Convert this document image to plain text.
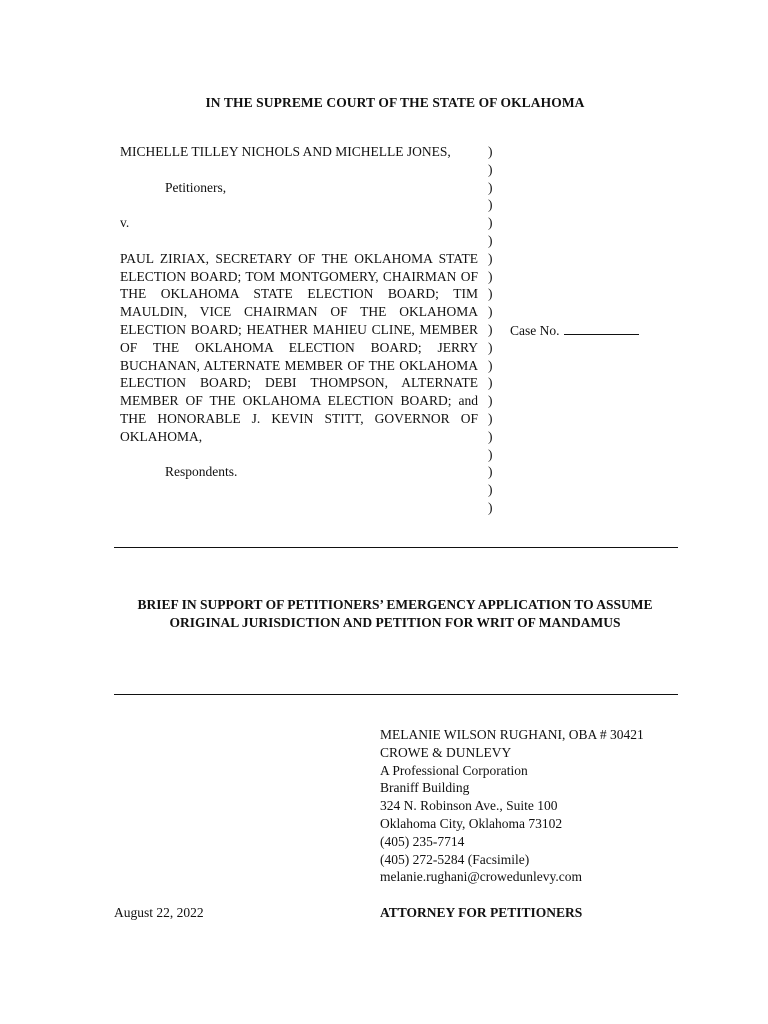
IN THE SUPREME COURT OF THE STATE OF OKLAHOMA
MICHELLE TILLEY NICHOLS AND MICHELLE JONES,
Petitioners,
v.
PAUL ZIRIAX, SECRETARY OF THE OKLAHOMA STATE ELECTION BOARD; TOM MONTGOMERY, CHAIRMAN OF THE OKLAHOMA STATE ELECTION BOARD; TIM MAULDIN, VICE CHAIRMAN OF THE OKLAHOMA ELECTION BOARD; HEATHER MAHIEU CLINE, MEMBER OF THE OKLAHOMA ELECTION BOARD; JERRY BUCHANAN, ALTERNATE MEMBER OF THE OKLAHOMA ELECTION BOARD; DEBI THOMPSON, ALTERNATE MEMBER OF THE OKLAHOMA ELECTION BOARD; and THE HONORABLE J. KEVIN STITT, GOVERNOR OF OKLAHOMA,
Respondents.
)
)
)
)
)
)
)
)
)
)
)
)
)
)
)
)
)
)
)
)
)
Case No.
BRIEF IN SUPPORT OF PETITIONERS’ EMERGENCY APPLICATION TO ASSUME ORIGINAL JURISDICTION AND PETITION FOR WRIT OF MANDAMUS
MELANIE WILSON RUGHANI, OBA # 30421
CROWE & DUNLEVY
A Professional Corporation
Braniff Building
324 N. Robinson Ave., Suite 100
Oklahoma City, Oklahoma 73102
(405) 235-7714
(405) 272-5284 (Facsimile)
melanie.rughani@crowedunlevy.com
August 22, 2022	ATTORNEY FOR PETITIONERS
